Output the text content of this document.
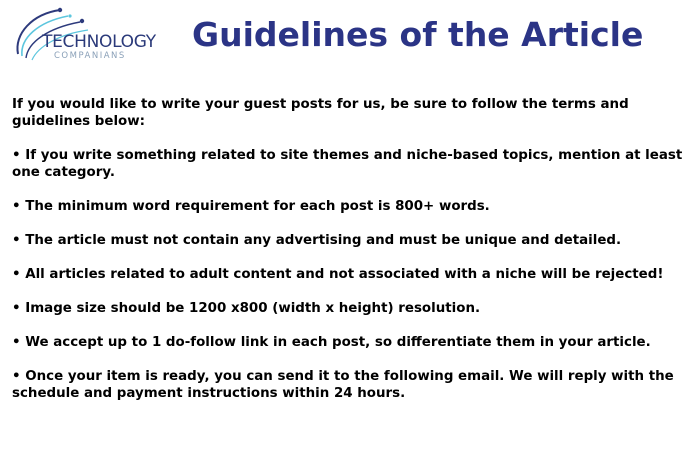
TECHNOLOGY
COMPANIANS
Guidelines of the Article

If you would like to write your guest posts for us, be sure to follow the terms and guidelines below:

• If you write something related to site themes and niche-based topics, mention at least one category.

• The minimum word requirement for each post is 800+ words.

• The article must not contain any advertising and must be unique and detailed.

• All articles related to adult content and not associated with a niche will be rejected!

• Image size should be 1200 x800 (width x height) resolution.

• We accept up to 1 do-follow link in each post, so differentiate them in your article.

• Once your item is ready, you can send it to the following email. We will reply with the schedule and payment instructions within 24 hours.
